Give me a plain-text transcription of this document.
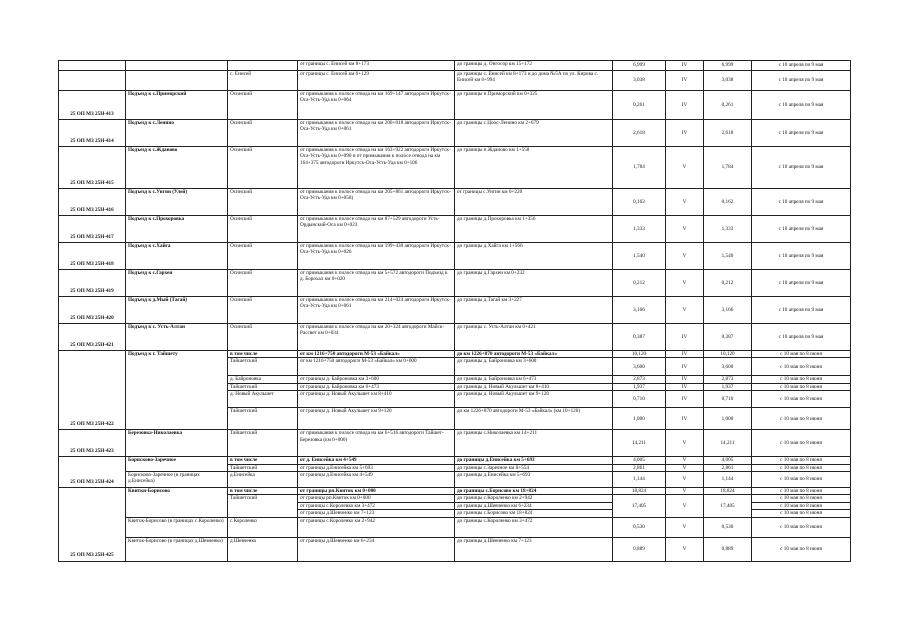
			от границы с. Енисей км 8+173	до границы д. Онгосор км 15+172	6,999	IV	6,999	с 10 апреля по 9 мая
		с. Енисей	от границы с. Енисей км 6+129	до границы с. Енисей км 8+173 и до дома №5А по ул. Кирова с. Енисей км 0+994	3,038	IV	3,038	с 10 апреля по 9 мая
25 ОП МЗ 25Н-413	Подъезд к с.Приморский	Осинский	от примыкания к полосе отвода на км 169+147 автодороги Иркутск-Оса-Усть-Уда км 0+064	до границы п.Приморский км 0+325	0,261	IV	0,261	с 10 апреля по 9 мая
25 ОП МЗ 25Н-414	Подъезд к с.Ленино	Осинский	от примыкания к полосе отвода на км 200+018 автодороги Иркутск-Оса-Усть-Уда км 0+061	до границы с.Цоос-Ленино км 2+679	2,618	IV	2,618	с 10 апреля по 9 мая
25 ОП МЗ 25Н-415	Подъезд к с.Жданово	Осинский	от примыкания к полосе отвода на км 163+922 автодороги Иркутск-Оса-Усть-Уда км 0+090 и от примыкания к полосе отвода на км 164+375 автодороги Иркутск-Оса-Усть-Уда км 0+106	до границы п.Жданово км 1+558	1,784	V	1,784	с 10 апреля по 9 мая
25 ОП МЗ 25Н-416	Подъезд к с.Унгин (Улей)	Осинский	от примыкания к полосе отвода на км 205+861 автодороги Иркутск-Оса-Усть-Уда км 0+058)	от границы с.Унгин км 0+220	0,162	V	0,162	с 10 апреля по 9 мая
25 ОП МЗ 25Н-417	Подъезд к с.Прохоровка	Осинский	от примыкания к полосе отвода на км 87+529 автодороги Усть-Ордынский-Оса км 0+023	до границы д.Прохоровка км 1+356	1,333	V	1,333	с 10 апреля по 9 мая
25 ОП МЗ 25Н-418	Подъезд к с.Хайга	Осинский	от примыкания к полосе отвода на км 199+430 автодороги Иркутск-Оса-Усть-Уда км 0+026	до границы д.Хайга км 1+566	1,540	V	1,540	с 10 апреля по 9 мая
25 ОП МЗ 25Н-419	Подъезд к с.Гархен	Осинский	от примыкания к полосе отвода на км 5+572 автодороги Подъезд к д. Борохал км 0+020	до границы д.Гархен км 0+232	0,212	V	0,212	с 10 апреля по 9 мая
25 ОП МЗ 25Н-420	Подъезд к д.Мый (Тагай)	Осинский	от примыкания к полосе отвода на км 214+024 автодороги Иркутск-Оса-Усть-Уда км 0+061	до границы д.Тагай км 3+227	3,166	V	3,166	с 10 апреля по 9 мая
25 ОП МЗ 25Н-421	Подъезд к с. Усть-Алтан	Осинский	от примыкания к полосе отвода на км 20+324 автодороги Майск-Рассвет км 0+034	до границы с. Усть-Алтан км 0+421	0,387	IV	0,387	с 10 апреля по 9 мая
25 ОП МЗ 25Н-422	Подъезд к г. Тайшету	в том числе	от км 1216+750 автодороги М-53 «Байкал»	до км 1226+870 автодороги М-53 «Байкал»	10,120	IV	10,120	с 10 мая по 8 июня
		Тайшетский	от км 1216+750 автодороги М-53 «Байкал» км 0+000	до границы д. Байроновка км 3+600	3,600	IV	3,600	с 10 мая по 8 июня
		д. Байроновка	от границы д. Байроновка км 3+600	до границы д. Байроновка км 6+473	2,873	IV	2,873	с 10 мая по 8 июня
		Тайшетский	от границы д. Байроновка км 6+473	до границы д. Новый Акульшет км 8+410	1,937	IV	1,937	с 10 мая по 8 июня
		д. Новый Акульшет	от границы д. Новый Акульшет км 8+410	до границы д. Новый Акульшет км 9+120	0,710	IV	0,710	с 10 мая по 8 июня
		Тайшетский	от границы д. Новый Акульшет км 9+120	до км 1226+870 автодороги М-53 «Байкал» (км 10+120)	1,000	IV	1,000	с 10 мая по 8 июня
25 ОП МЗ 25Н-423	Березовка-Николаевка	Тайшетский	от примыкания к полосе отвода на км 6+516 автодороги Тайшет-Березовка (км 0+000)	до границы с.Николаевка км 14+211	14,211	V	14,211	с 10 мая по 8 июня
25 ОП МЗ 25Н-424	Борисково-Заречное	в том числе	от д. Енисейка км 4+549	до границы д.Енисейка км 5+693	4,005	V	4,005	с 10 мая по 8 июня
		Тайшетский	от границы д.Енисейка км 5+693	до границы с.Заречное км 8+554	2,861	V	2,861	с 10 мая по 8 июня
	Борисково-Заречное (в границах д.Енисейка)	д.Енисейка	от границы д.Енисейка км 4+549	до границы д.Енисейка км 5+693	1,144	V	1,144	с 10 мая по 8 июня
25 ОП МЗ 25Н-425	Квитки-Борисово	в том числе	от границы рп.Квиток км 0+000	до границы с.Борисово км 18+824	18,824	V	18,824	с 10 мая по 8 июня
		Тайшетский	от границы рп.Квиток км 0+000	до границы с.Короленко км 2+942	17,405	V	17,405	с 10 мая по 8 июня
			от границы с.Короленко км 3+472	до границы д.Шевченко км 6+234				с 10 мая по 8 июня
			от границы д.Шевченко км 7+123	до границы с.Борисово км 18+824				с 10 мая по 8 июня
	Квиток-Борисово (в границах с.Короленко)	с.Короленко	от границы с.Короленко км 2+942	до границы с.Короленко км 3+472	0,530	V	0,530	с 10 мая по 8 июня
	Квиток-Борисово (в границах д.Шевченко)	д.Шевченко	от границы д.Шевченко км 6+234	до границы д.Шевченко км 7+123	0,889	V	0,889	с 10 мая по 8 июня
